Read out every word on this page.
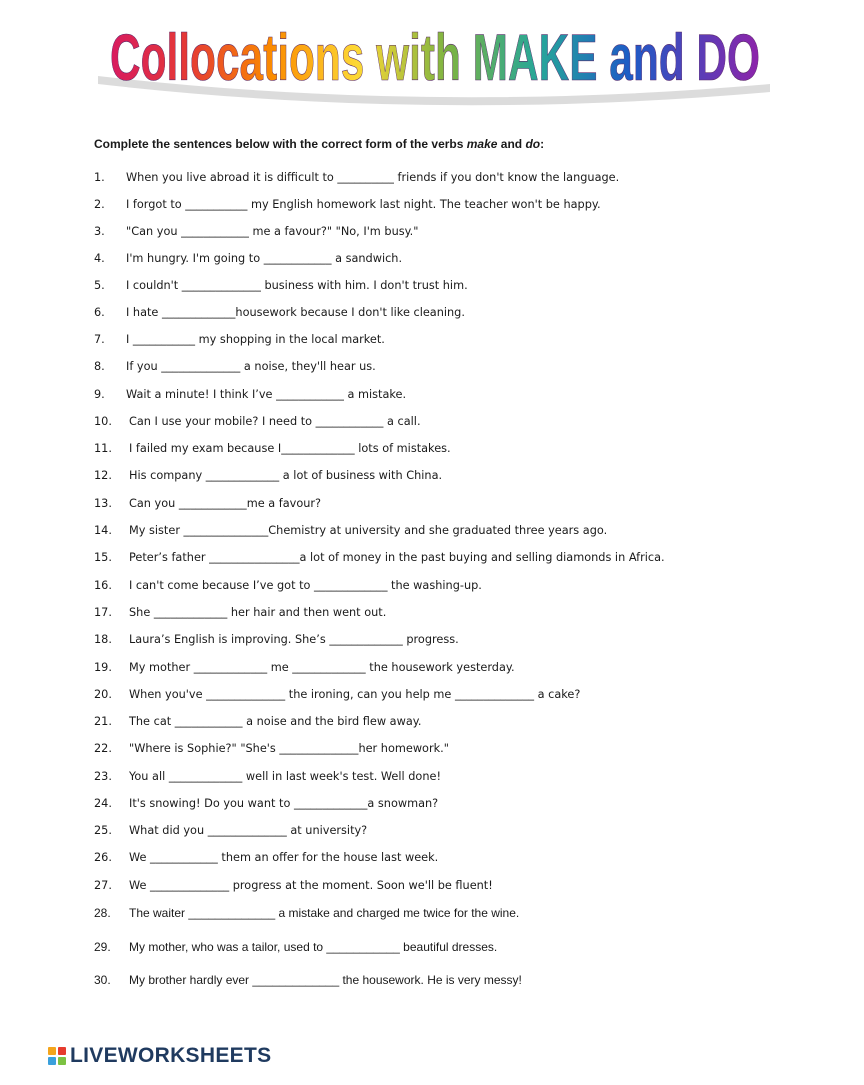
Collocations with MAKE and DO
Complete the sentences below with the correct form of the verbs make and do:
1. When you live abroad it is difficult to __________ friends if you don't know the language.
2. I forgot to ___________ my English homework last night. The teacher won't be happy.
3. "Can you ____________ me a favour?" "No, I'm busy."
4. I'm hungry. I'm going to ____________ a sandwich.
5. I couldn't ______________ business with him. I don't trust him.
6. I hate _____________housework because I don't like cleaning.
7. I ___________ my shopping in the local market.
8. If you ______________ a noise, they'll hear us.
9. Wait a minute! I think I’ve ____________ a mistake.
10. Can I use your mobile? I need to ____________ a call.
11. I failed my exam because I_____________ lots of mistakes.
12. His company _____________ a lot of business with China.
13. Can you ____________me a favour?
14. My sister _______________Chemistry at university and she graduated three years ago.
15. Peter’s father ________________a lot of money in the past buying and selling diamonds in Africa.
16. I can't come because I’ve got to _____________ the washing-up.
17. She _____________ her hair and then went out.
18. Laura’s English is improving. She’s _____________ progress.
19. My mother _____________ me _____________ the housework yesterday.
20. When you've ______________ the ironing, can you help me ______________ a cake?
21. The cat ____________ a noise and the bird flew away.
22. "Where is Sophie?" "She's ______________her homework."
23. You all _____________ well in last week's test. Well done!
24. It's snowing! Do you want to _____________a snowman?
25. What did you ______________ at university?
26. We ____________ them an offer for the house last week.
27. We ______________ progress at the moment. Soon we'll be fluent!
28. The waiter _____________ a mistake and charged me twice for the wine.
29. My mother, who was a tailor, used to ___________ beautiful dresses.
30. My brother hardly ever _____________ the housework. He is very messy!
LIVEWORKSHEETS
